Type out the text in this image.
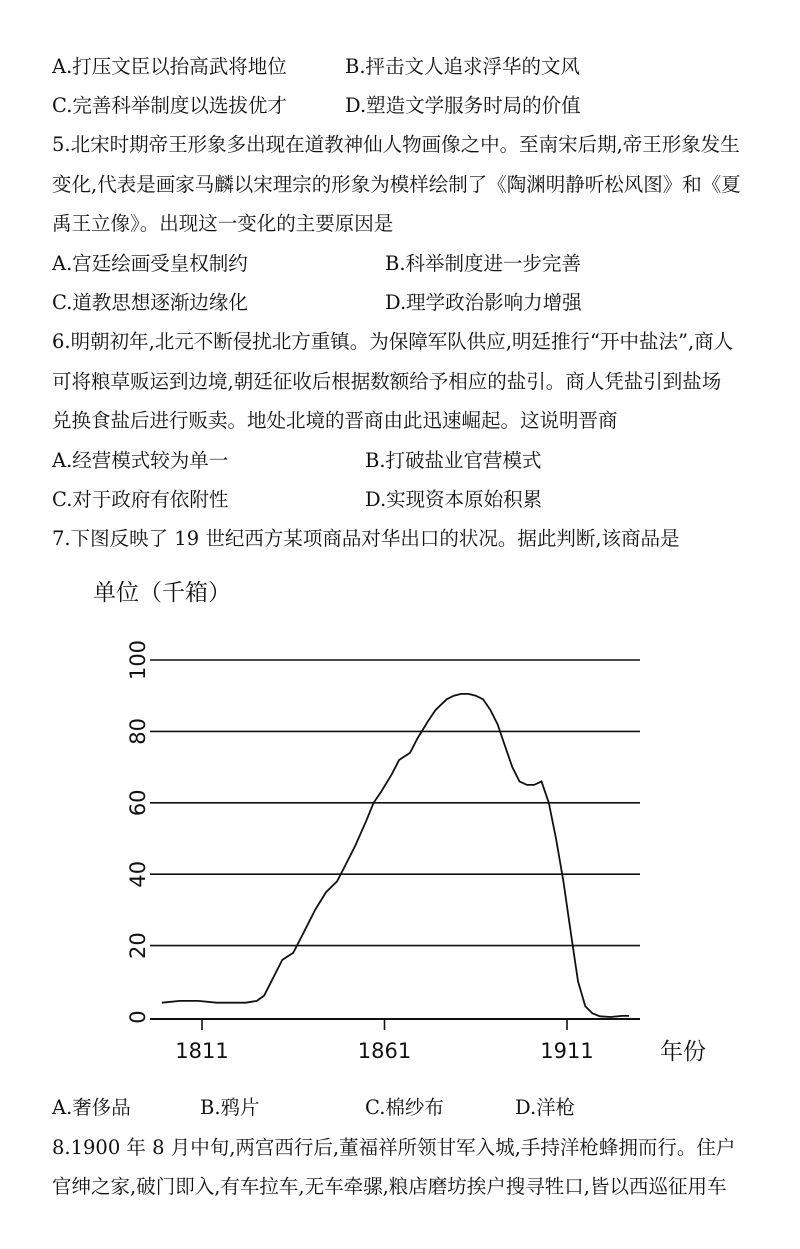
A.打压文臣以抬高武将地位	B.抨击文人追求浮华的文风
C.完善科举制度以选拔优才	D.塑造文学服务时局的价值
5.北宋时期帝王形象多出现在道教神仙人物画像之中。至南宋后期,帝王形象发生
变化,代表是画家马麟以宋理宗的形象为模样绘制了《陶渊明静听松风图》和《夏
禹王立像》。出现这一变化的主要原因是
A.宫廷绘画受皇权制约	B.科举制度进一步完善
C.道教思想逐渐边缘化	D.理学政治影响力增强
6.明朝初年,北元不断侵扰北方重镇。为保障军队供应,明廷推行“开中盐法”,商人
可将粮草贩运到边境,朝廷征收后根据数额给予相应的盐引。商人凭盐引到盐场
兑换食盐后进行贩卖。地处北境的晋商由此迅速崛起。这说明晋商
A.经营模式较为单一	B.打破盐业官营模式
C.对于政府有依附性	D.实现资本原始积累
7.下图反映了 19 世纪西方某项商品对华出口的状况。据此判断,该商品是
0
20
40
60
80
100
1811	1861	1911
单位（千箱）
年份
A.奢侈品	B.鸦片	C.棉纱布	D.洋枪
8.1900 年 8 月中旬,两宫西行后,董福祥所领甘军入城,手持洋枪蜂拥而行。住户
官绅之家,破门即入,有车拉车,无车牵骡,粮店磨坊挨户搜寻牲口,皆以西巡征用车
